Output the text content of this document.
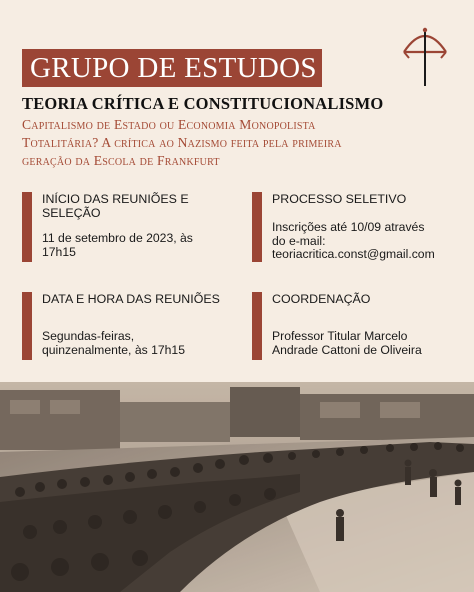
GRUPO DE ESTUDOS
TEORIA CRÍTICA E CONSTITUCIONALISMO
Capitalismo de Estado ou Economia Monopolista
Totalitária? A crítica ao Nazismo feita pela primeira
geração da Escola de Frankfurt
INÍCIO DAS REUNIÕES E
SELEÇÃO
11 de setembro de 2023, às
17h15
PROCESSO SELETIVO
Inscrições até 10/09 através
do e-mail:
teoriacritica.const@gmail.com
DATA E HORA DAS REUNIÕES
Segundas-feiras,
quinzenalmente, às 17h15
COORDENAÇÃO
Professor Titular Marcelo
Andrade Cattoni de Oliveira
